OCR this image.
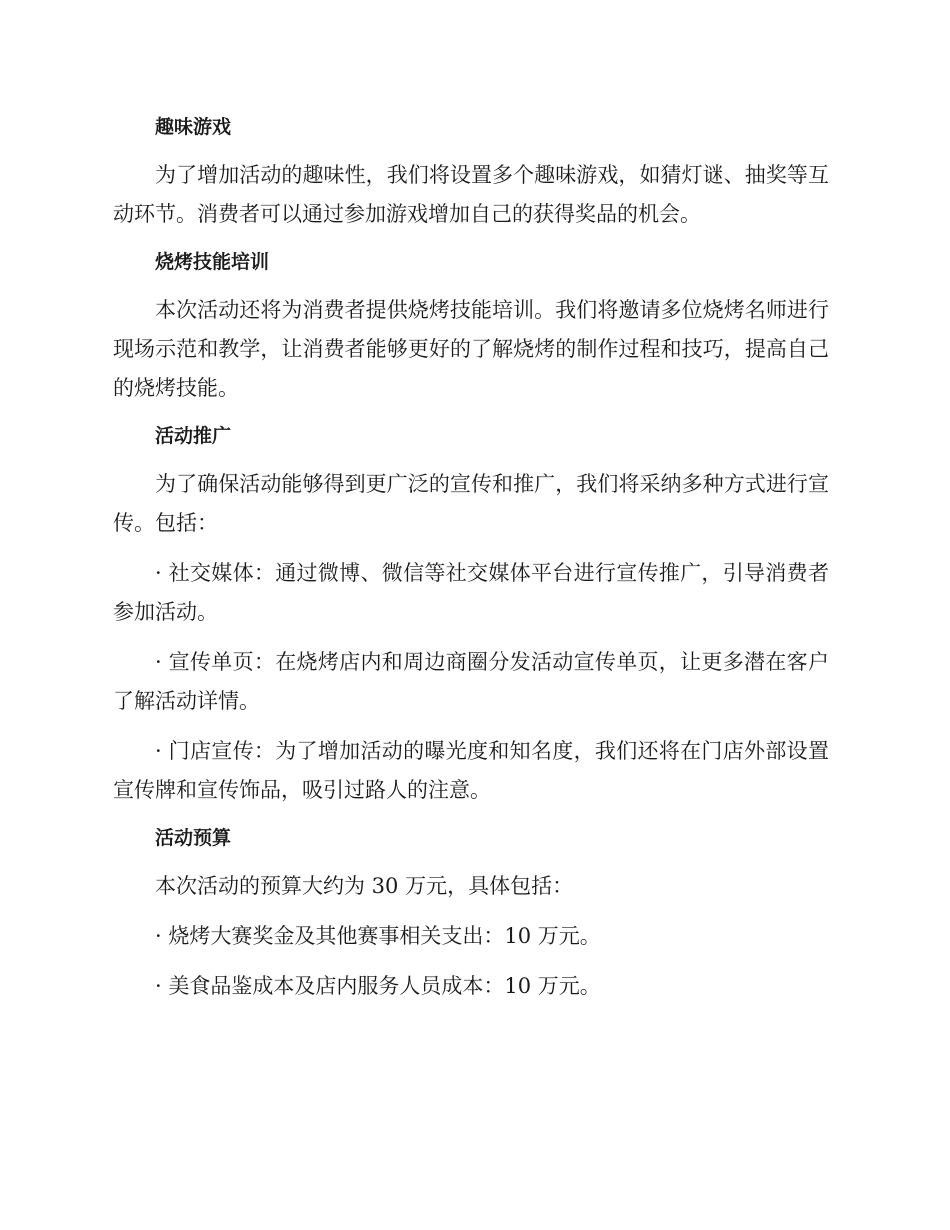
趣味游戏

为了增加活动的趣味性，我们将设置多个趣味游戏，如猜灯谜、抽奖等互动环节。消费者可以通过参加游戏增加自己的获得奖品的机会。

烧烤技能培训

本次活动还将为消费者提供烧烤技能培训。我们将邀请多位烧烤名师进行现场示范和教学，让消费者能够更好的了解烧烤的制作过程和技巧，提高自己的烧烤技能。

活动推广

为了确保活动能够得到更广泛的宣传和推广，我们将采纳多种方式进行宣传。包括：

· 社交媒体：通过微博、微信等社交媒体平台进行宣传推广，引导消费者参加活动。

· 宣传单页：在烧烤店内和周边商圈分发活动宣传单页，让更多潜在客户了解活动详情。

· 门店宣传：为了增加活动的曝光度和知名度，我们还将在门店外部设置宣传牌和宣传饰品，吸引过路人的注意。

活动预算

本次活动的预算大约为 30 万元，具体包括：

· 烧烤大赛奖金及其他赛事相关支出：10 万元。

· 美食品鉴成本及店内服务人员成本：10 万元。
